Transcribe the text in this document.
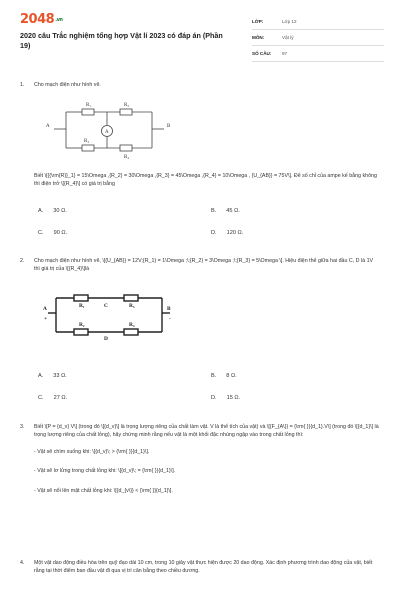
2048.vn
2020 câu Trắc nghiệm tổng hợp Vật lí 2023 có đáp án (Phần 19)
LỚP:	Lớp 12
MÔN:	Vật lý
SỐ CÂU:	97
1. Cho mạch điện như hình vẽ.
A	B
R₁	R₂
R₃
R₄
A
Biết \[{{\rm{R}}_1} = 15\Omega ,{R_2} = 30\Omega ,{R_3} = 45\Omega ,{R_4} = 10\Omega , {U_{AB}} = 75V\]. Để số chỉ của ampe kế bằng không thì điện trở \[{R_4}\] có giá trị bằng
A. 30 Ω.	B. 45 Ω.
C. 90 Ω.	D. 120 Ω.
2. Cho mạch điện như hình vẽ, \[{U_{AB}} = 12V;{R_1} = 1\Omega ;\;{R_2} = 3\Omega ;\;{R_3} = 5\Omega \]. Hiệu điện thế giữa hai đầu C, D là 1V thì giá trị của \[{R_4}\]là
A
+
B
-
R₁	C	R₃
R₂
D
R₄
A. 33 Ω.	B. 8 Ω.
C. 27 Ω.	D. 15 Ω.
3. Biết \[P = {d_v} V\] (trong đó \[{d_v}\] là trọng lượng riêng của chất làm vật. V là thể tích của vật) và \[{F_{A\}} = {\rm{ }}{d_1}.V\] (trong đó \[{d_1}\] là trọng lượng riêng của chất lỏng), hãy chứng minh rằng nếu vật là một khối đặc nhúng ngập vào trong chất lỏng thì:
- Vật sẽ chìm xuống khi: \[{d_v}\; > {\rm{ }}{d_1}\].
- Vật sẽ lơ lửng trong chất lỏng khi: \[{d_v}\; = {\rm{ }}{d_1}\].
- Vật sẽ nổi lên mặt chất lỏng khi: \[{d_{v\}} < {\rm{ }}{d_1}\].
4. Một vật dao động điều hòa trên quỹ đạo dài 10 cm, trong 10 giây vật thực hiện được 20 dao động. Xác định phương trình dao động của vật, biết rằng tại thời điểm ban đầu vật đi qua vị trí cân bằng theo chiều dương.
